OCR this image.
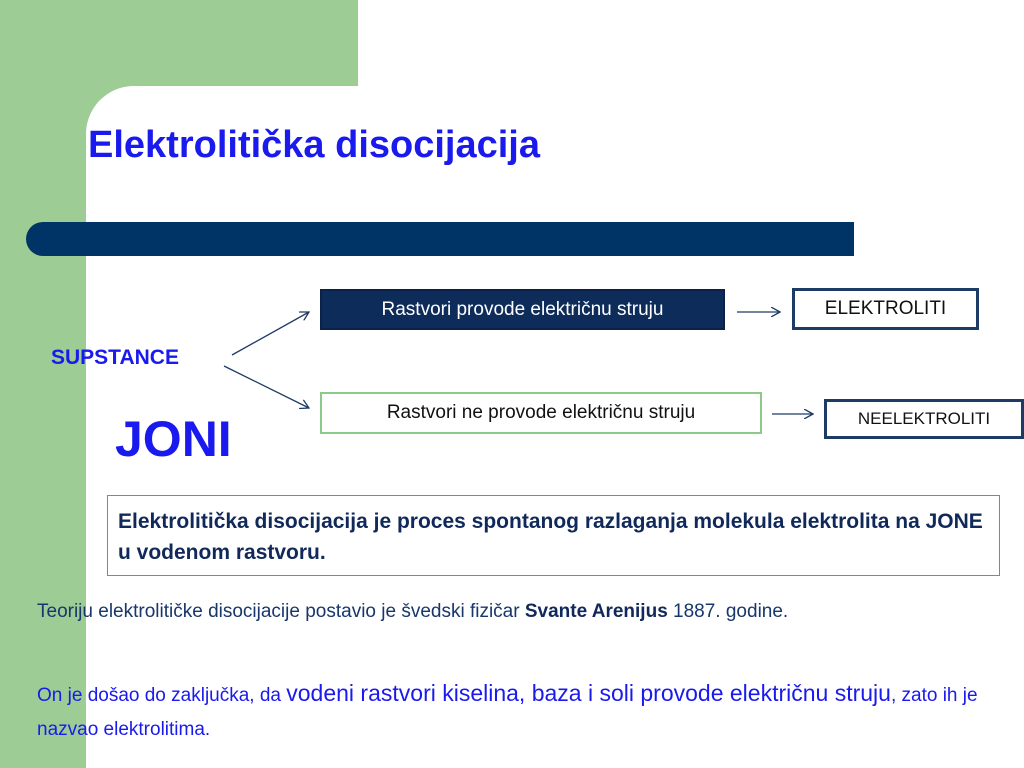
Elektrolitička disocijacija
SUPSTANCE
JONI
Rastvori provode električnu struju
Rastvori ne provode električnu struju
ELEKTROLITI
NEELEKTROLITI
Elektrolitička disocijacija je proces spontanog razlaganja molekula elektrolita na JONE u vodenom rastvoru.
Teoriju elektrolitičke disocijacije postavio je švedski fizičar Svante Arenijus 1887. godine.
On je došao do zaključka, da vodeni rastvori kiselina, baza i soli provode električnu struju, zato ih je nazvao elektrolitima.
